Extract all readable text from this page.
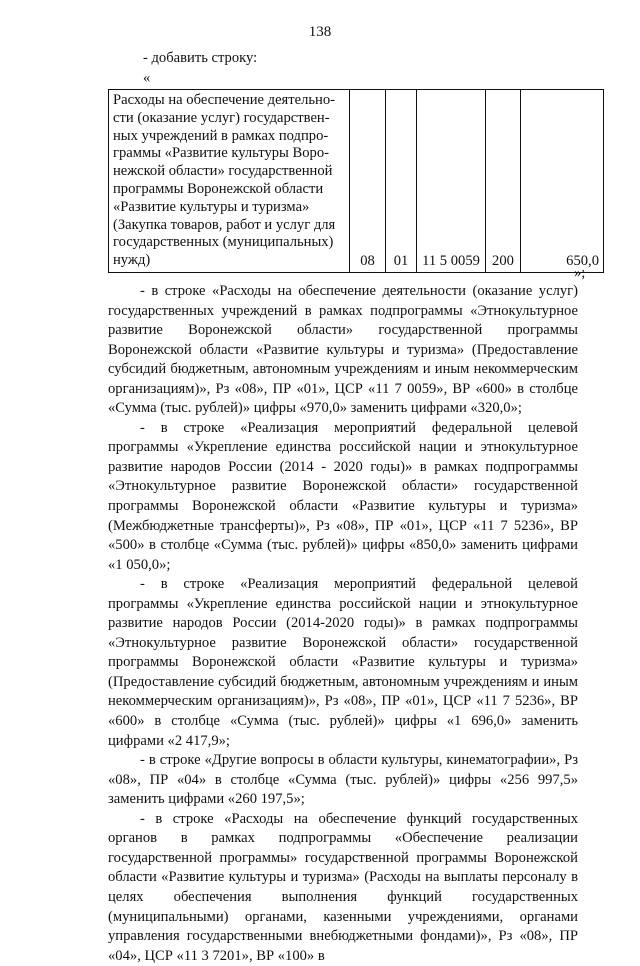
138
- добавить строку:
«
Расходы на обеспечение деятельно-
сти (оказание услуг) государствен-
ных учреждений в рамках подпро-
граммы «Развитие культуры Воро-
нежской области» государственной
программы Воронежской области
«Развитие культуры и туризма»
(Закупка товаров, работ и услуг для
государственных (муниципальных)
нужд)	08	01	11 5 0059	200	650,0
»;

- в строке «Расходы на обеспечение деятельности (оказание услуг) государственных учреждений в рамках подпрограммы «Этнокультурное развитие Воронежской области» государственной программы Воронежской области «Развитие культуры и туризма» (Предоставление субсидий бюджетным, автономным учреждениям и иным некоммерческим организациям)», Рз «08», ПР «01», ЦСР «11 7 0059», ВР «600» в столбце «Сумма (тыс. рублей)» цифры «970,0» заменить цифрами «320,0»;

- в строке «Реализация мероприятий федеральной целевой программы «Укрепление единства российской нации и этнокультурное развитие народов России (2014 - 2020 годы)» в рамках подпрограммы «Этнокультурное развитие Воронежской области» государственной программы Воронежской области «Развитие культуры и туризма» (Межбюджетные трансферты)», Рз «08», ПР «01», ЦСР «11 7 5236», ВР «500» в столбце «Сумма (тыс. рублей)» цифры «850,0» заменить цифрами «1 050,0»;

- в строке «Реализация мероприятий федеральной целевой программы «Укрепление единства российской нации и этнокультурное развитие народов России (2014-2020 годы)» в рамках подпрограммы «Этнокультурное развитие Воронежской области» государственной программы Воронежской области «Развитие культуры и туризма» (Предоставление субсидий бюджетным, автономным учреждениям и иным некоммерческим организациям)», Рз «08», ПР «01», ЦСР «11 7 5236», ВР «600» в столбце «Сумма (тыс. рублей)» цифры «1 696,0» заменить цифрами «2 417,9»;

- в строке «Другие вопросы в области культуры, кинематографии», Рз «08», ПР «04» в столбце «Сумма (тыс. рублей)» цифры «256 997,5» заменить цифрами «260 197,5»;

- в строке «Расходы на обеспечение функций государственных органов в рамках подпрограммы «Обеспечение реализации государственной программы» государственной программы Воронежской области «Развитие культуры и туризма» (Расходы на выплаты персоналу в целях обеспечения выполнения функций государственных (муниципальными) органами, казенными учреждениями, органами управления государственными внебюджетными фондами)», Рз «08», ПР «04», ЦСР «11 3 7201», ВР «100» в
